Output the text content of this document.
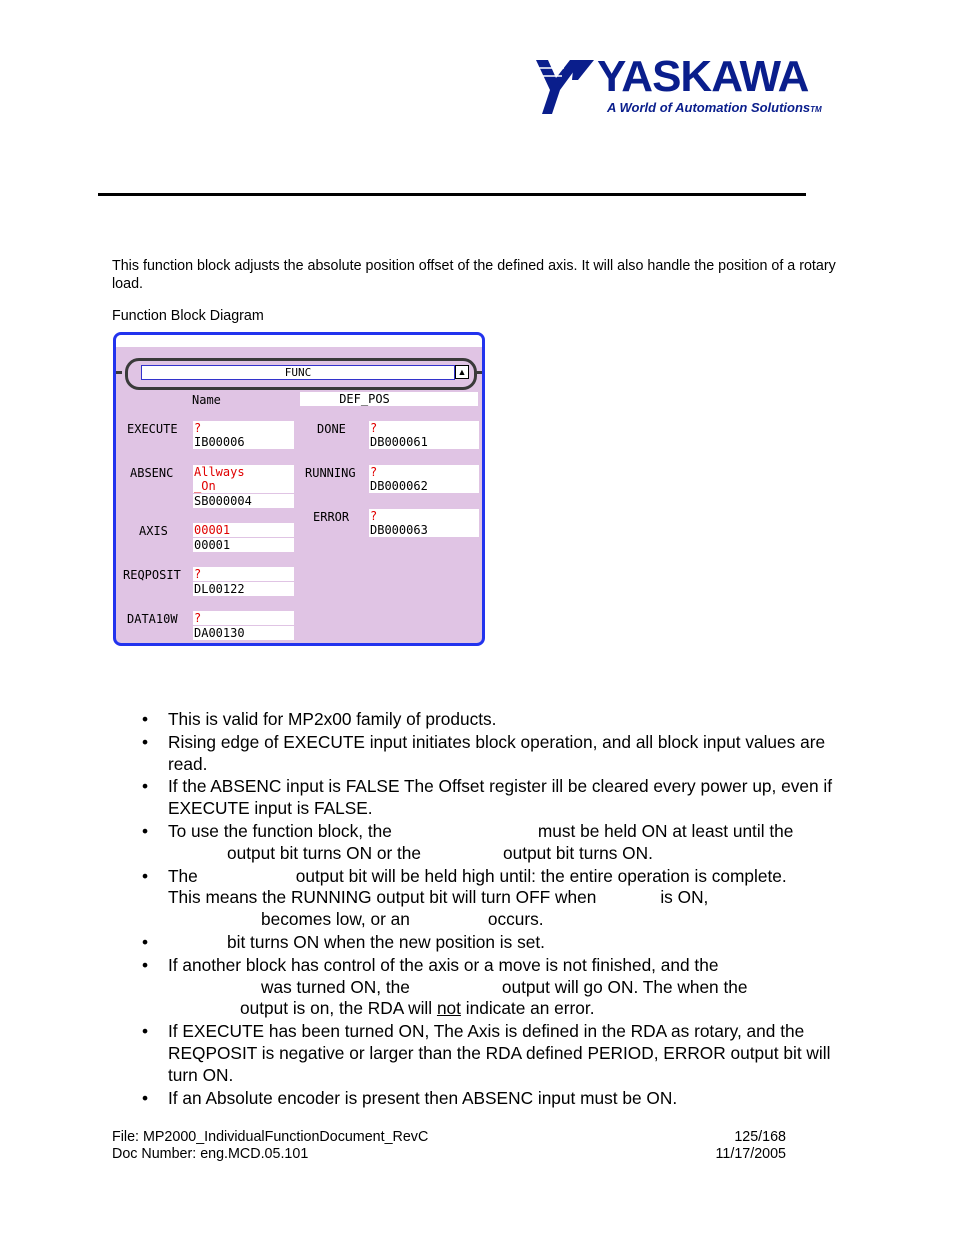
YASKAWA
A World of Automation SolutionsTM
This function block adjusts the absolute position offset of the defined axis. It will also handle the position of a rotary load.
Function Block Diagram
FUNC	▲
Name	DEF_POS
EXECUTE ?
IB00006
ABSENC Allways
_On
SB000004
AXIS 00001
00001
REQPOSIT ?
DL00122
DATA10W ?
DA00130
DONE ?
DB000061
RUNNING ?
DB000062
ERROR ?
DB000063
• This is valid for MP2x00 family of products.
• Rising edge of EXECUTE input initiates block operation, and all block input values are read.
• If the ABSENC input is FALSE The Offset register ill be cleared every power up, even if EXECUTE input is FALSE.
• To use the function block, the	must be held ON at least until the
output bit turns ON or the	output bit turns ON.
• The	output bit will be held high until: the entire operation is complete.
This means the RUNNING output bit will turn OFF when	is ON,
becomes low, or an	occurs.
•	bit turns ON when the new position is set.
• If another block has control of the axis or a move is not finished, and the
was turned ON, the	output will go ON. The when the
output is on, the RDA will not indicate an error.
• If EXECUTE has been turned ON, The Axis is defined in the RDA as rotary, and the REQPOSIT is negative or larger than the RDA defined PERIOD, ERROR output bit will turn ON.
• If an Absolute encoder is present then ABSENC input must be ON.
File: MP2000_IndividualFunctionDocument_RevC	125/168
Doc Number: eng.MCD.05.101	11/17/2005
